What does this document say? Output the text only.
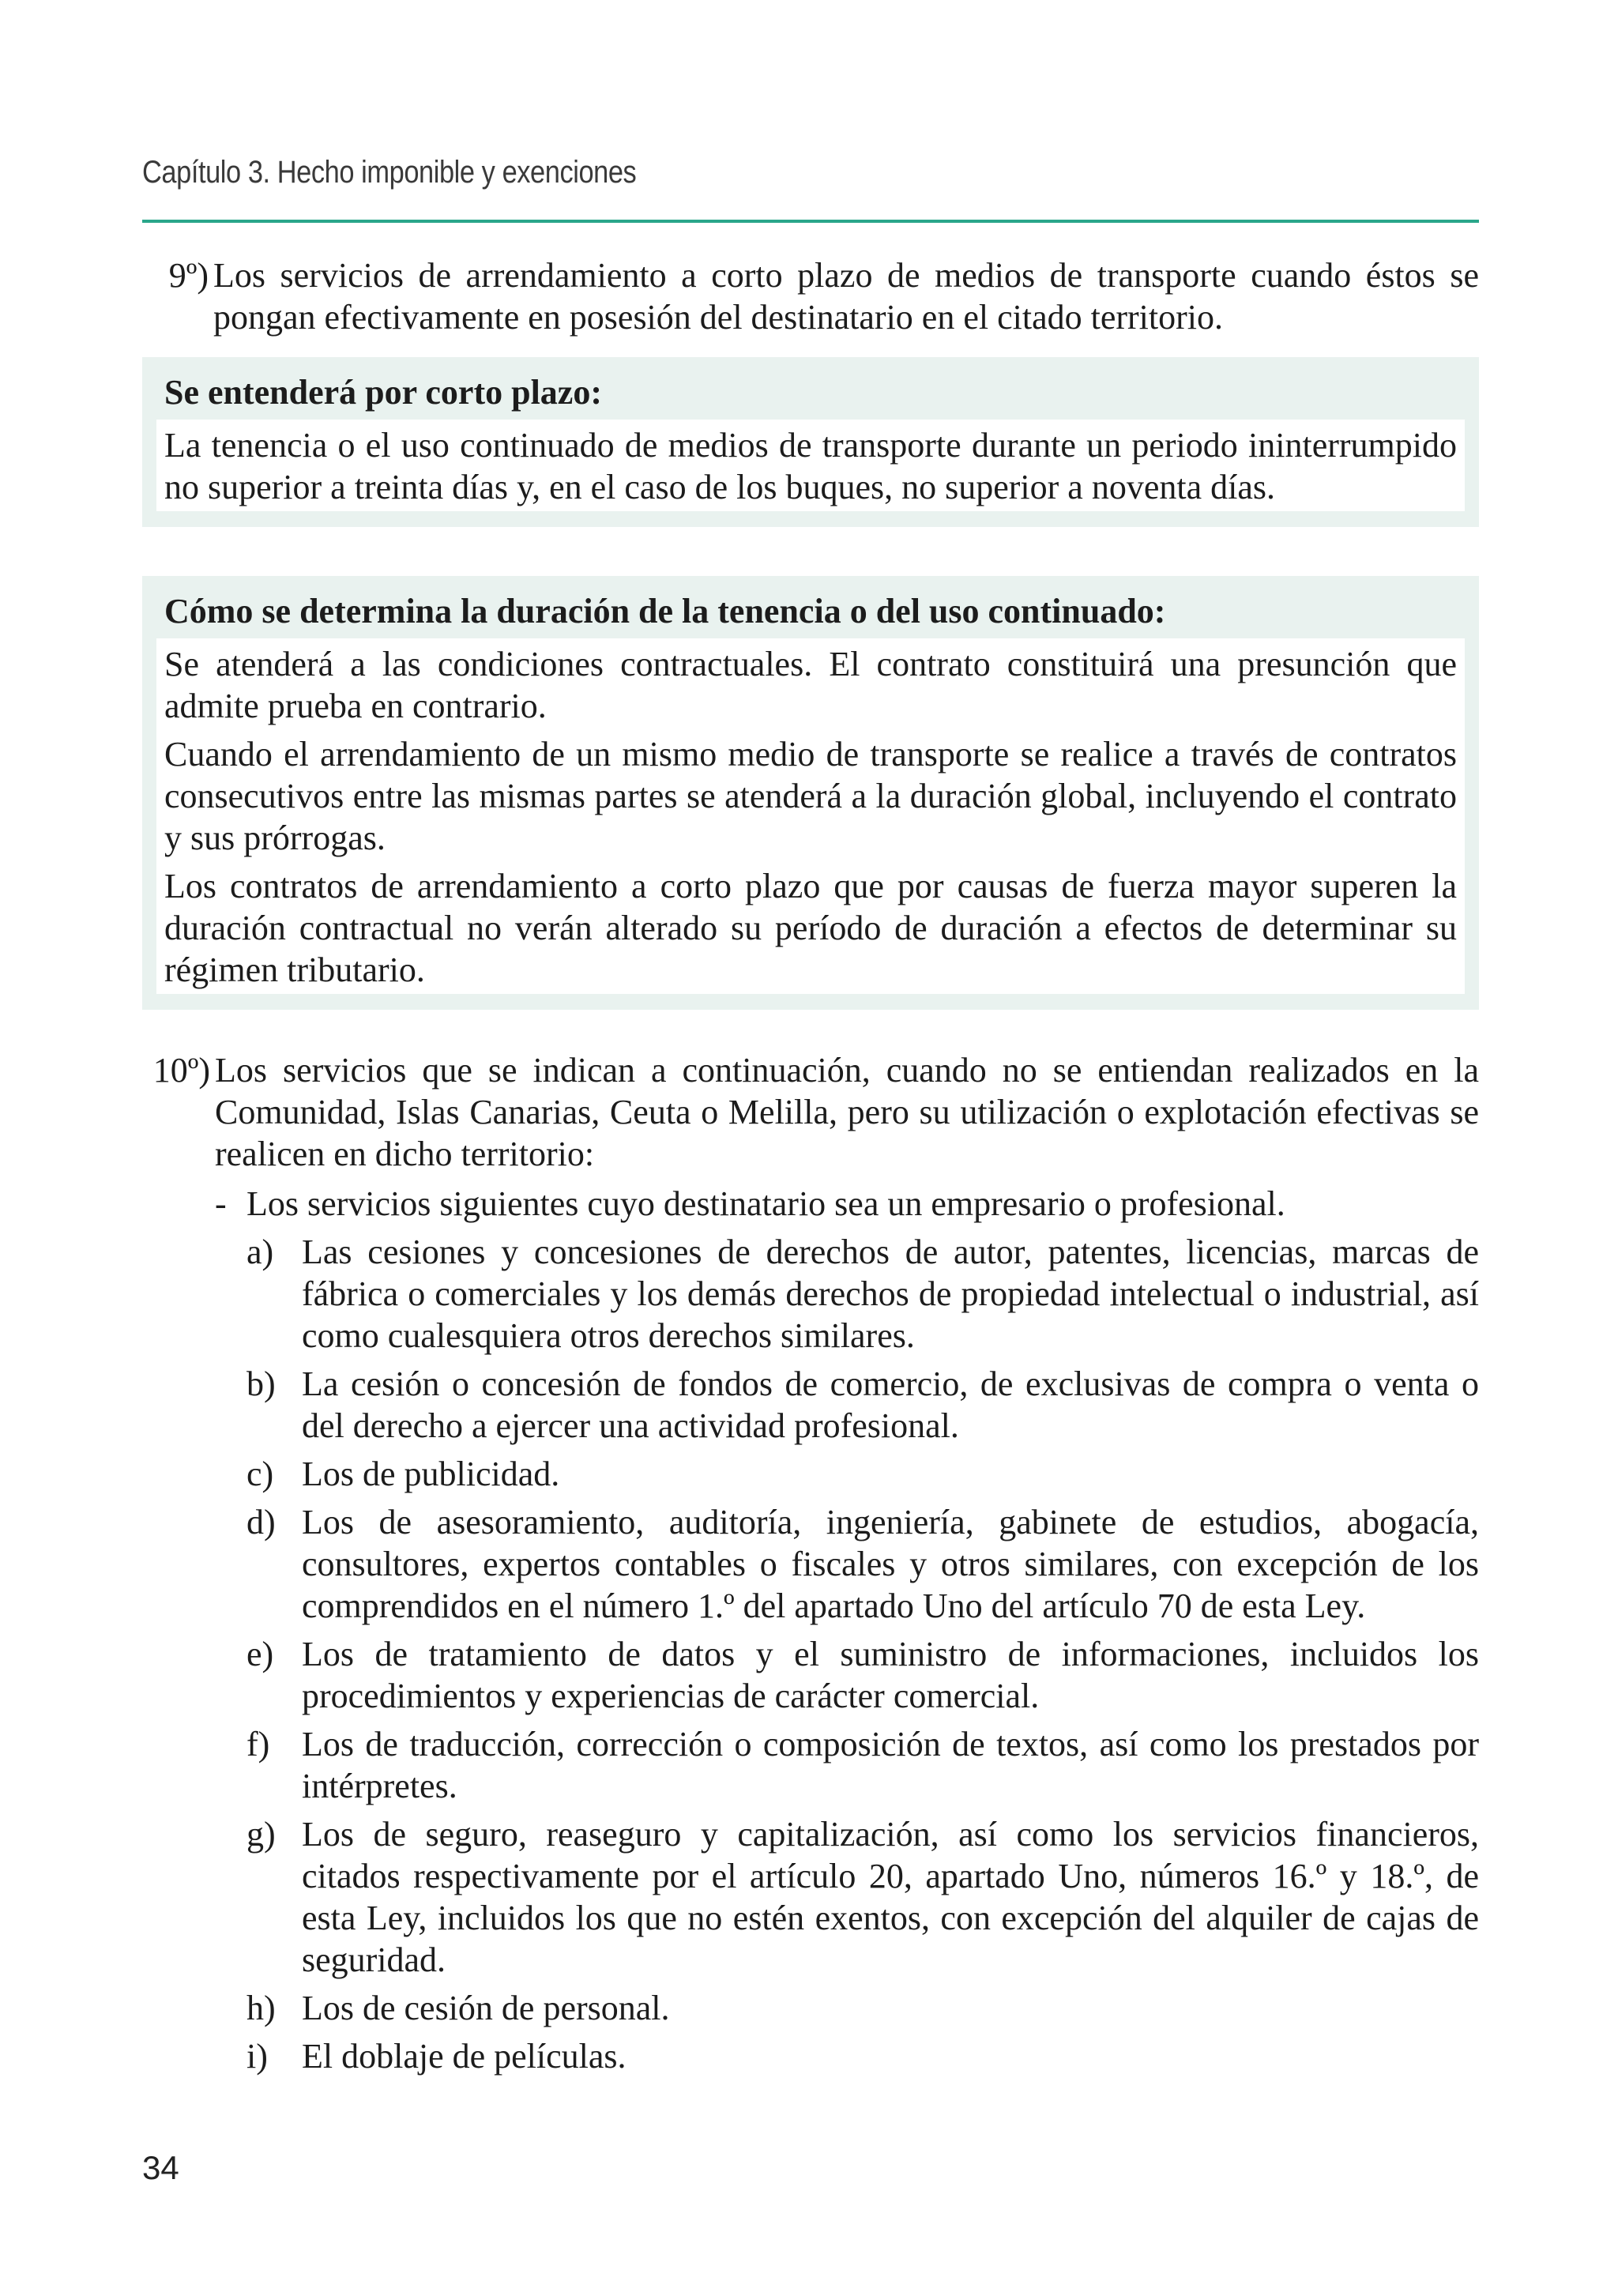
Capítulo 3. Hecho imponible y exenciones
9º) Los servicios de arrendamiento a corto plazo de medios de transporte cuando éstos se pongan efectivamente en posesión del destinatario en el citado territorio.
Se entenderá por corto plazo:

La tenencia o el uso continuado de medios de transporte durante un periodo ininterrumpido no superior a treinta días y, en el caso de los buques, no superior a noventa días.

Cómo se determina la duración de la tenencia o del uso continuado:

Se atenderá a las condiciones contractuales. El contrato constituirá una presunción que admite prueba en contrario.

Cuando el arrendamiento de un mismo medio de transporte se realice a través de contratos consecutivos entre las mismas partes se atenderá a la duración global, incluyendo el contrato y sus prórrogas.

Los contratos de arrendamiento a corto plazo que por causas de fuerza mayor superen la duración contractual no verán alterado su período de duración a efectos de determinar su régimen tributario.

10º) Los servicios que se indican a continuación, cuando no se entiendan realizados en la Comunidad, Islas Canarias, Ceuta o Melilla, pero su utilización o explotación efectivas se realicen en dicho territorio:
- Los servicios siguientes cuyo destinatario sea un empresario o profesional.
a) Las cesiones y concesiones de derechos de autor, patentes, licencias, marcas de fábrica o comerciales y los demás derechos de propiedad intelectual o industrial, así como cualesquiera otros derechos similares.
b) La cesión o concesión de fondos de comercio, de exclusivas de compra o venta o del derecho a ejercer una actividad profesional.
c) Los de publicidad.
d) Los de asesoramiento, auditoría, ingeniería, gabinete de estudios, abogacía, consultores, expertos contables o fiscales y otros similares, con excepción de los comprendidos en el número 1.º del apartado Uno del artículo 70 de esta Ley.
e) Los de tratamiento de datos y el suministro de informaciones, incluidos los procedimientos y experiencias de carácter comercial.
f) Los de traducción, corrección o composición de textos, así como los prestados por intérpretes.
g) Los de seguro, reaseguro y capitalización, así como los servicios financieros, citados respectivamente por el artículo 20, apartado Uno, números 16.º y 18.º, de esta Ley, incluidos los que no estén exentos, con excepción del alquiler de cajas de seguridad.
h) Los de cesión de personal.
i) El doblaje de películas.
34
